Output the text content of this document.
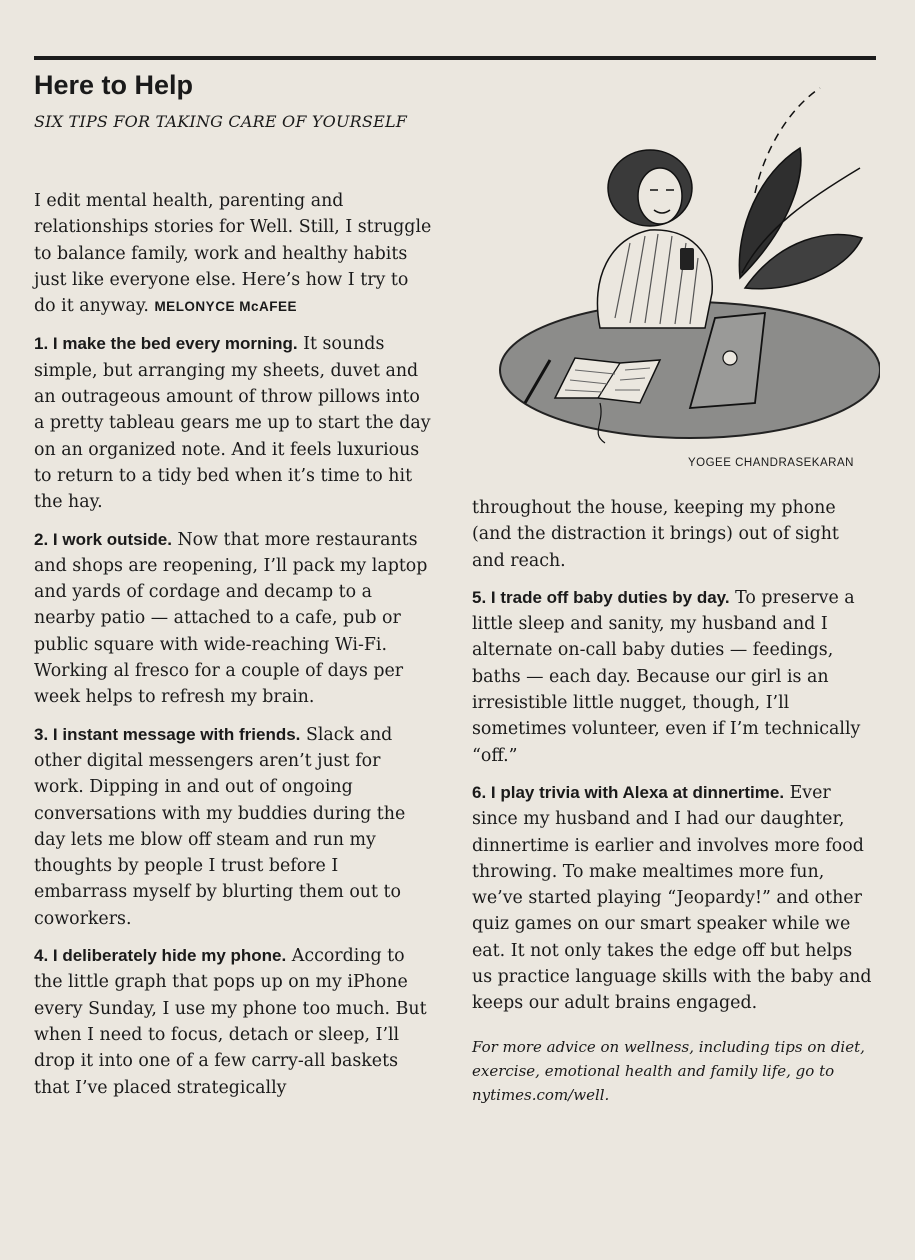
Here to Help

SIX TIPS FOR TAKING CARE OF YOURSELF

I edit mental health, parenting and relationships stories for Well. Still, I struggle to balance family, work and healthy habits just like everyone else. Here’s how I try to do it anyway. MELONYCE McAFEE

1. I make the bed every morning. It sounds simple, but arranging my sheets, duvet and an outrageous amount of throw pillows into a pretty tableau gears me up to start the day on an organized note. And it feels luxurious to return to a tidy bed when it’s time to hit the hay.

2. I work outside. Now that more restaurants and shops are reopening, I’ll pack my laptop and yards of cordage and decamp to a nearby patio — attached to a cafe, pub or public square with wide-reaching Wi-Fi. Working al fresco for a couple of days per week helps to refresh my brain.

3. I instant message with friends. Slack and other digital messengers aren’t just for work. Dipping in and out of ongoing conversations with my buddies during the day lets me blow off steam and run my thoughts by people I trust before I embarrass myself by blurting them out to coworkers.

4. I deliberately hide my phone. According to the little graph that pops up on my iPhone every Sunday, I use my phone too much. But when I need to focus, detach or sleep, I’ll drop it into one of a few carry-all baskets that I’ve placed strategically

YOGEE CHANDRASEKARAN

throughout the house, keeping my phone (and the distraction it brings) out of sight and reach.

5. I trade off baby duties by day. To preserve a little sleep and sanity, my husband and I alternate on-call baby duties — feedings, baths — each day. Because our girl is an irresistible little nugget, though, I’ll sometimes volunteer, even if I’m technically “off.”

6. I play trivia with Alexa at dinnertime. Ever since my husband and I had our daughter, dinnertime is earlier and involves more food throwing. To make mealtimes more fun, we’ve started playing “Jeopardy!” and other quiz games on our smart speaker while we eat. It not only takes the edge off but helps us practice language skills with the baby and keeps our adult brains engaged.

For more advice on wellness, including tips on diet, exercise, emotional health and family life, go to nytimes.com/well.
